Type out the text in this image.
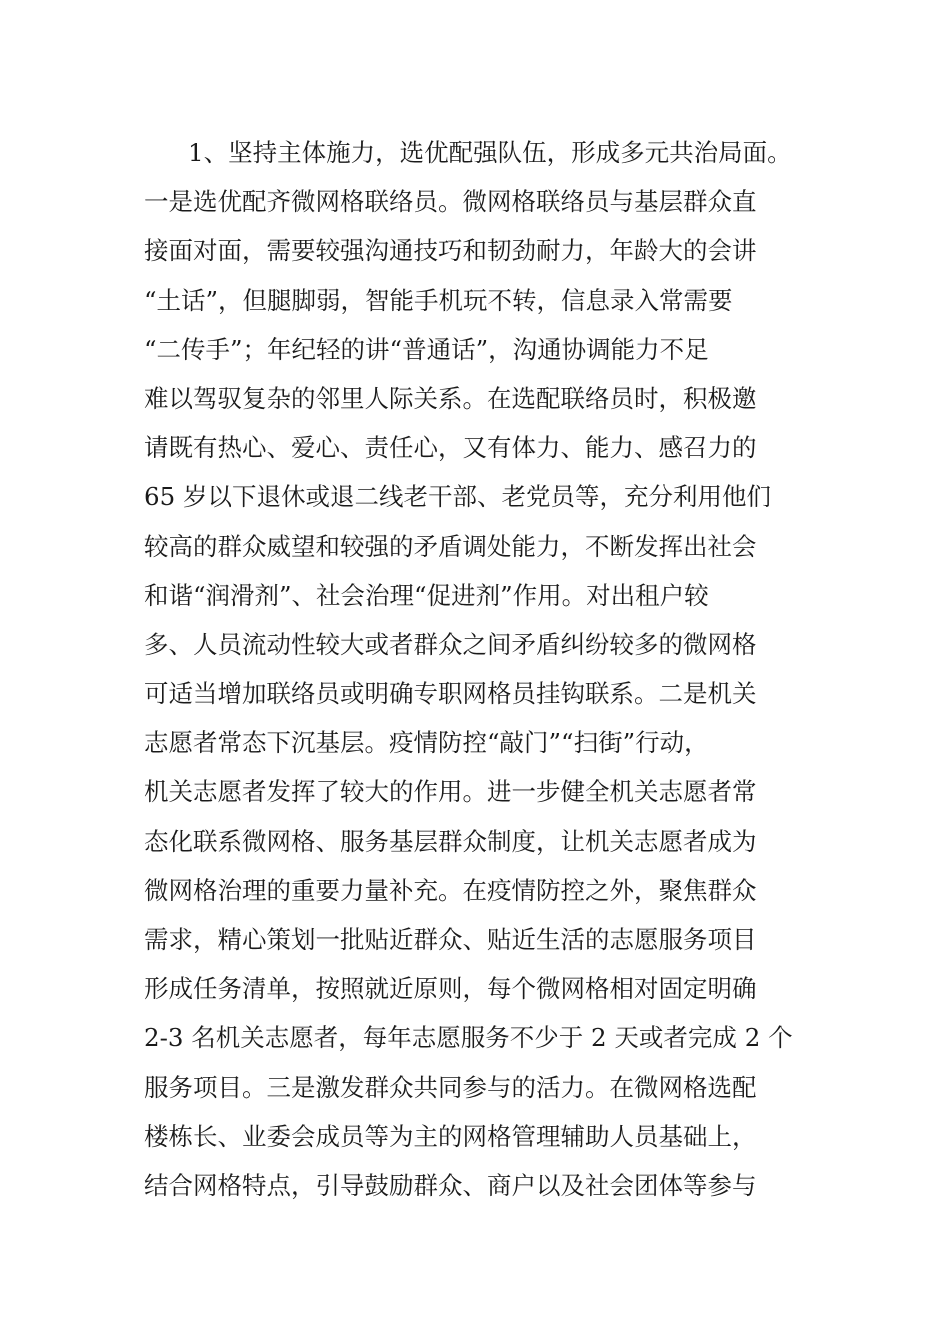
1、坚持主体施力，选优配强队伍，形成多元共治局面。
一是选优配齐微网格联络员。微网格联络员与基层群众直
接面对面，需要较强沟通技巧和韧劲耐力，年龄大的会讲
“土话”，但腿脚弱，智能手机玩不转，信息录入常需要
“二传手”；年纪轻的讲“普通话”，沟通协调能力不足
难以驾驭复杂的邻里人际关系。在选配联络员时，积极邀
请既有热心、爱心、责任心，又有体力、能力、感召力的
65 岁以下退休或退二线老干部、老党员等，充分利用他们
较高的群众威望和较强的矛盾调处能力，不断发挥出社会
和谐“润滑剂”、社会治理“促进剂”作用。对出租户较
多、人员流动性较大或者群众之间矛盾纠纷较多的微网格
可适当增加联络员或明确专职网格员挂钩联系。二是机关
志愿者常态下沉基层。疫情防控“敲门”“扫街”行动，
机关志愿者发挥了较大的作用。进一步健全机关志愿者常
态化联系微网格、服务基层群众制度，让机关志愿者成为
微网格治理的重要力量补充。在疫情防控之外，聚焦群众
需求，精心策划一批贴近群众、贴近生活的志愿服务项目
形成任务清单，按照就近原则，每个微网格相对固定明确
2-3 名机关志愿者，每年志愿服务不少于 2 天或者完成 2 个
服务项目。三是激发群众共同参与的活力。在微网格选配
楼栋长、业委会成员等为主的网格管理辅助人员基础上，
结合网格特点，引导鼓励群众、商户以及社会团体等参与
